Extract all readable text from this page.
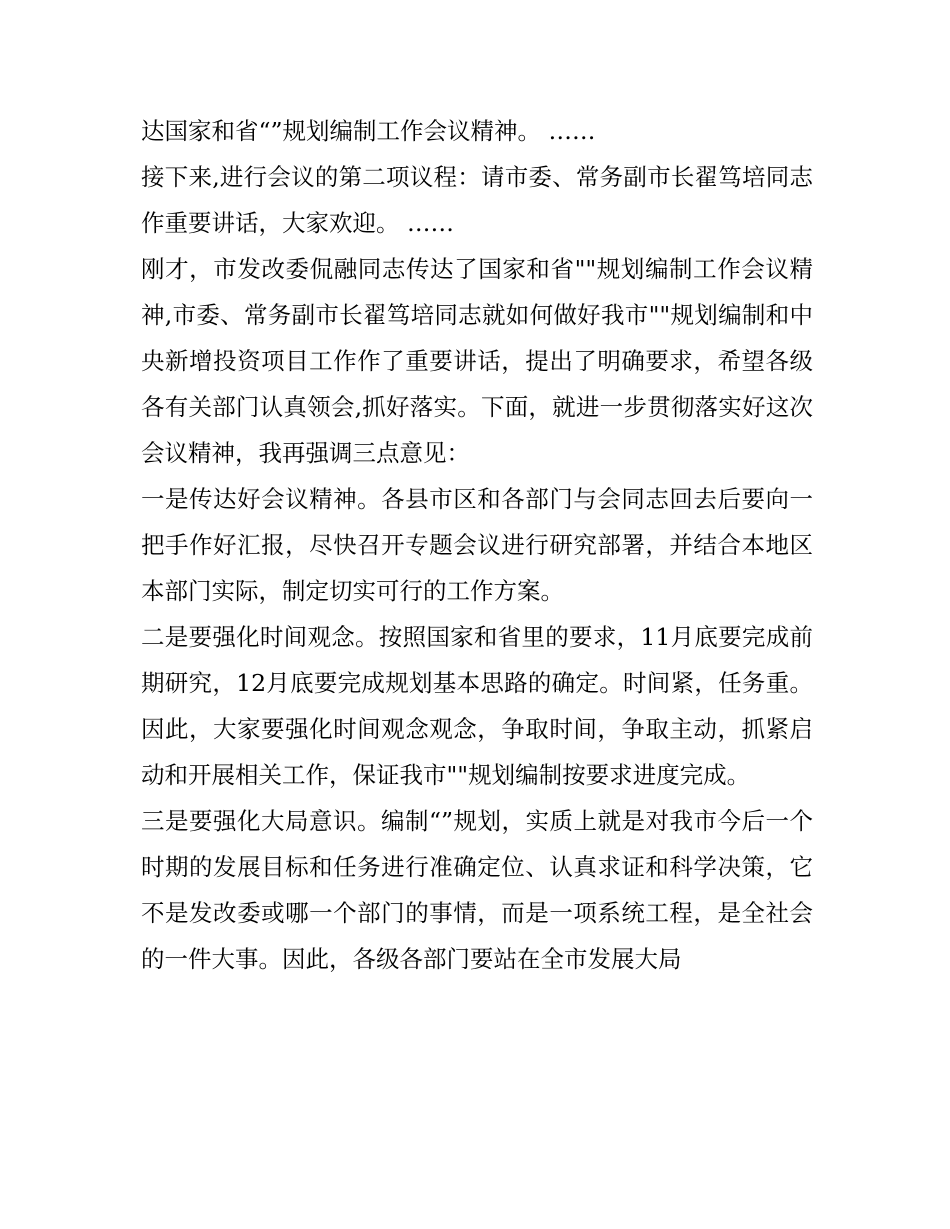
达国家和省“”规划编制工作会议精神。 ……

接下来,进行会议的第二项议程：请市委、常务副市长翟笃培同志作重要讲话，大家欢迎。 ……

刚才，市发改委侃融同志传达了国家和省""规划编制工作会议精神,市委、常务副市长翟笃培同志就如何做好我市""规划编制和中央新增投资项目工作作了重要讲话，提出了明确要求，希望各级各有关部门认真领会,抓好落实。下面，就进一步贯彻落实好这次会议精神，我再强调三点意见：

一是传达好会议精神。各县市区和各部门与会同志回去后要向一把手作好汇报，尽快召开专题会议进行研究部署，并结合本地区本部门实际，制定切实可行的工作方案。

二是要强化时间观念。按照国家和省里的要求，11月底要完成前期研究，12月底要完成规划基本思路的确定。时间紧，任务重。因此，大家要强化时间观念观念，争取时间，争取主动，抓紧启动和开展相关工作，保证我市""规划编制按要求进度完成。

三是要强化大局意识。编制“”规划，实质上就是对我市今后一个时期的发展目标和任务进行准确定位、认真求证和科学决策，它不是发改委或哪一个部门的事情，而是一项系统工程，是全社会的一件大事。因此，各级各部门要站在全市发展大局
